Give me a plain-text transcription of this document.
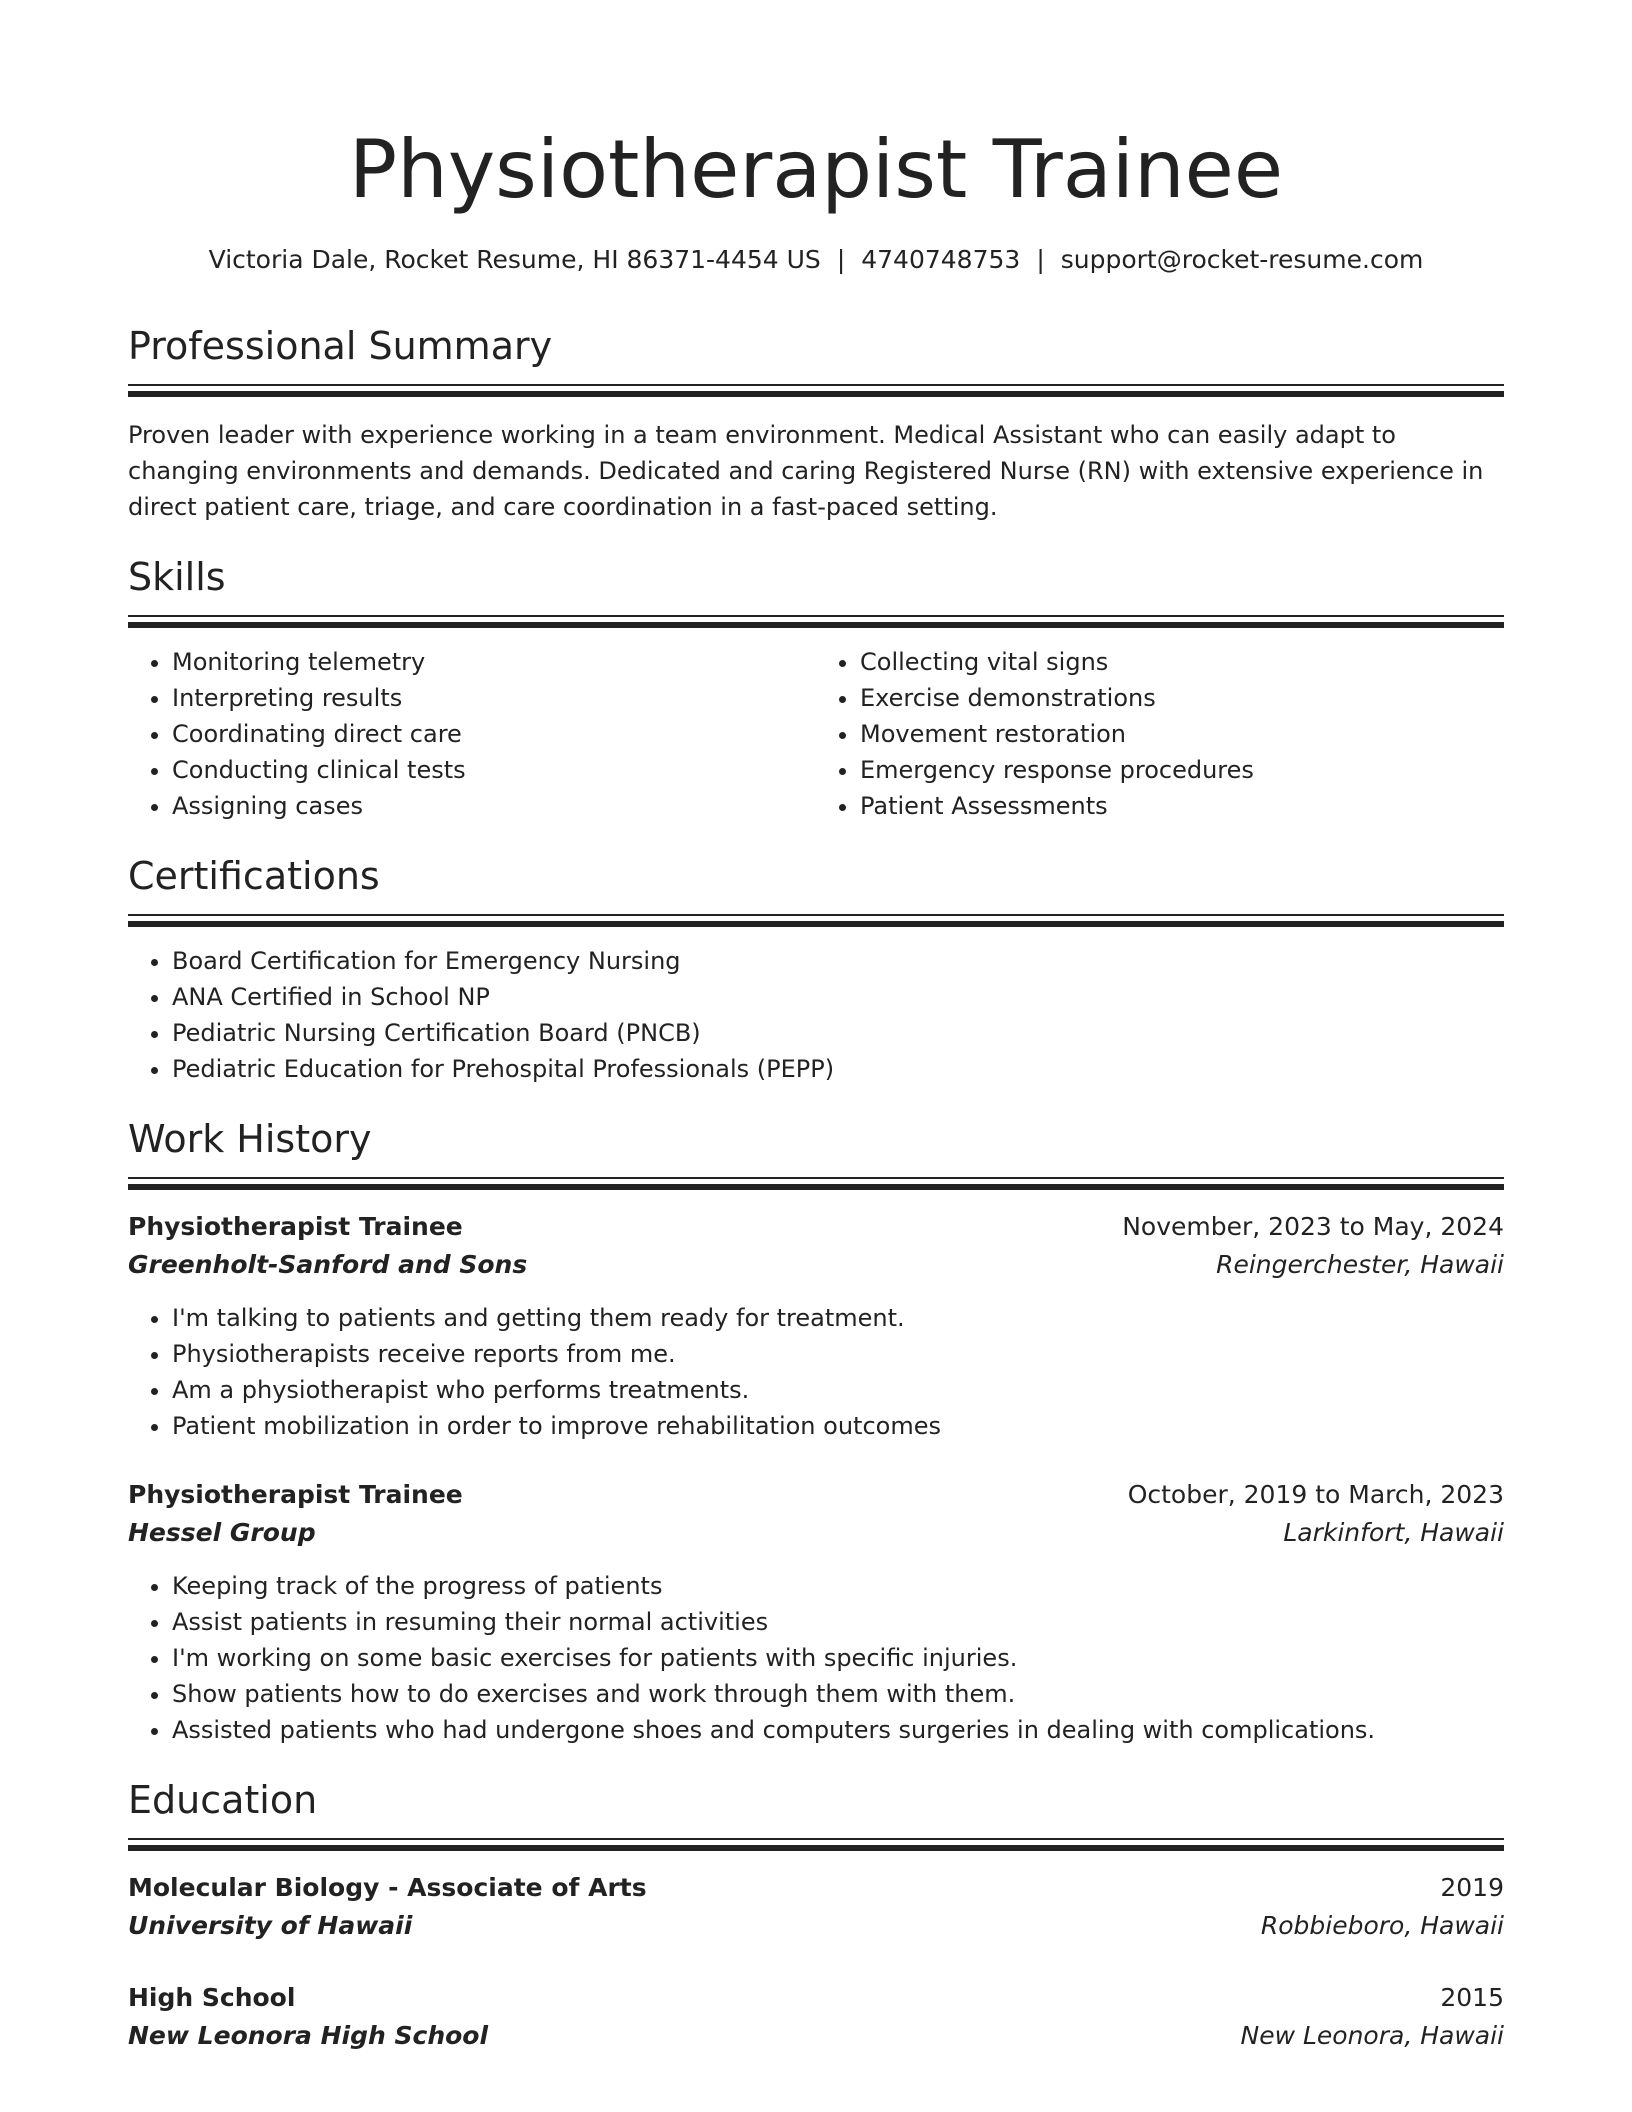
Physiotherapist Trainee
Victoria Dale, Rocket Resume, HI 86371-4454 US | 4740748753 | support@rocket-resume.com
Professional Summary

Proven leader with experience working in a team environment. Medical Assistant who can easily adapt to changing environments and demands. Dedicated and caring Registered Nurse (RN) with extensive experience in direct patient care, triage, and care coordination in a fast-paced setting.

Skills
• Monitoring telemetry
• Interpreting results
• Coordinating direct care
• Conducting clinical tests
• Assigning cases
• Collecting vital signs
• Exercise demonstrations
• Movement restoration
• Emergency response procedures
• Patient Assessments
Certifications
• Board Certification for Emergency Nursing
• ANA Certified in School NP
• Pediatric Nursing Certification Board (PNCB)
• Pediatric Education for Prehospital Professionals (PEPP)
Work History
Physiotherapist Trainee	November, 2023 to May, 2024
Greenholt-Sanford and Sons	Reingerchester, Hawaii
• I'm talking to patients and getting them ready for treatment.
• Physiotherapists receive reports from me.
• Am a physiotherapist who performs treatments.
• Patient mobilization in order to improve rehabilitation outcomes
Physiotherapist Trainee	October, 2019 to March, 2023
Hessel Group	Larkinfort, Hawaii
• Keeping track of the progress of patients
• Assist patients in resuming their normal activities
• I'm working on some basic exercises for patients with specific injuries.
• Show patients how to do exercises and work through them with them.
• Assisted patients who had undergone shoes and computers surgeries in dealing with complications.
Education
Molecular Biology - Associate of Arts	2019
University of Hawaii	Robbieboro, Hawaii
High School	2015
New Leonora High School	New Leonora, Hawaii
